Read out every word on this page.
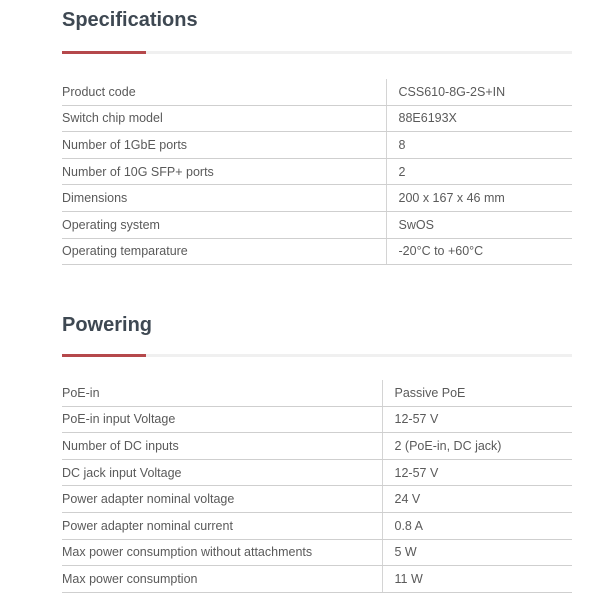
Specifications
Product code	CSS610-8G-2S+IN
Switch chip model	88E6193X
Number of 1GbE ports	8
Number of 10G SFP+ ports	2
Dimensions	200 x 167 x 46 mm
Operating system	SwOS
Operating temparature	-20°C to +60°C
Powering
PoE-in	Passive PoE
PoE-in input Voltage	12-57 V
Number of DC inputs	2 (PoE-in, DC jack)
DC jack input Voltage	12-57 V
Power adapter nominal voltage	24 V
Power adapter nominal current	0.8 A
Max power consumption without attachments	5 W
Max power consumption	11 W
